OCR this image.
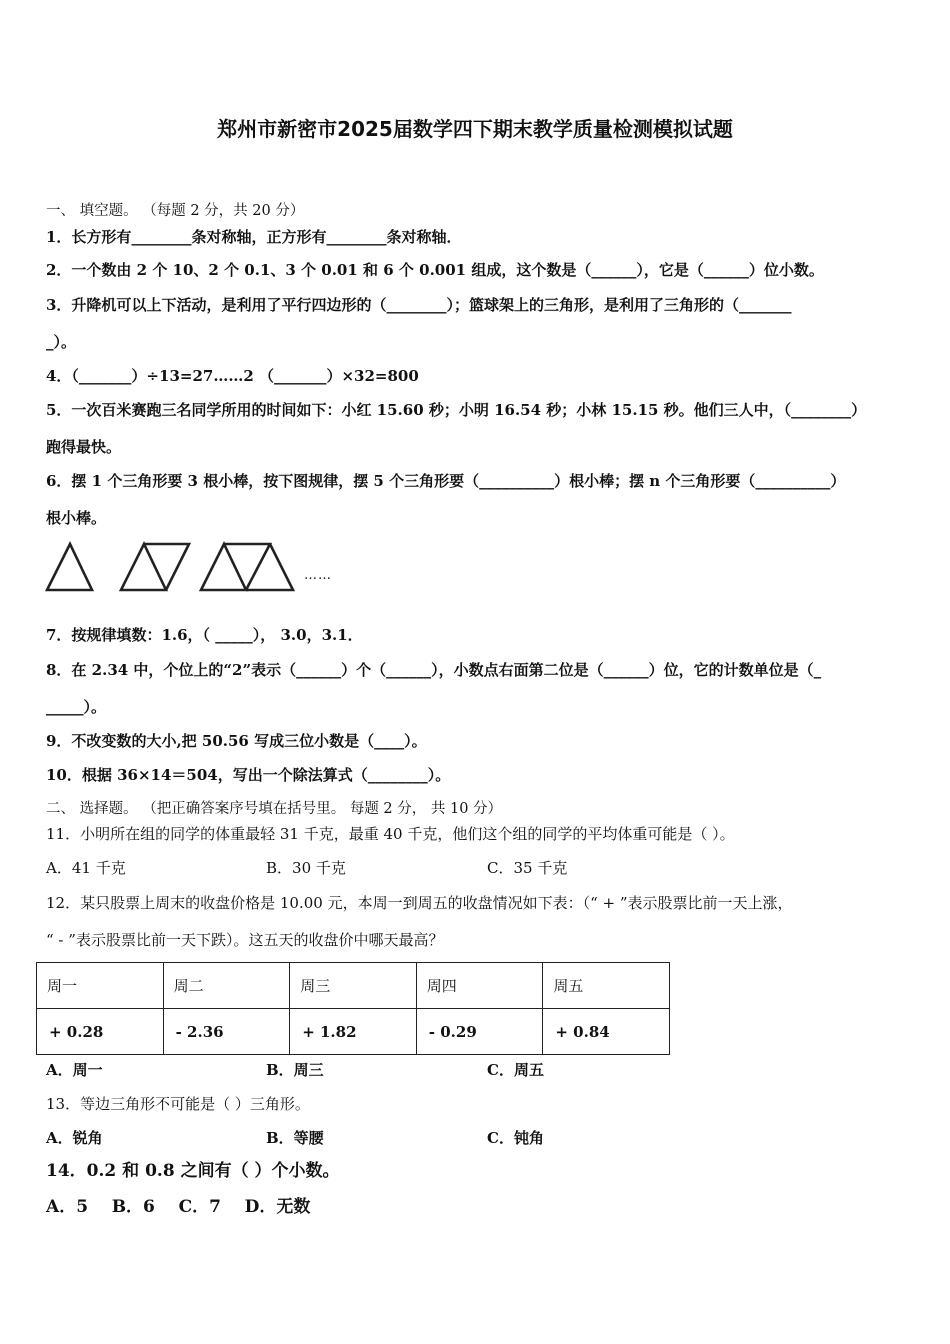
郑州市新密市2025届数学四下期末教学质量检测模拟试题
一、 填空题。 （每题 2 分，共 20 分）
1．长方形有________条对称轴，正方形有________条对称轴．
2．一个数由 2 个 10、2 个 0.1、3 个 0.01 和 6 个 0.001 组成，这个数是（______），它是（______）位小数。
3．升降机可以上下活动，是利用了平行四边形的（________）；篮球架上的三角形，是利用了三角形的（_______
_）。
4．（_______）÷13=27……2 （_______）×32=800
5．一次百米赛跑三名同学所用的时间如下：小红 15.60 秒；小明 16.54 秒；小林 15.15 秒。他们三人中，（________）
跑得最快。
6．摆 1 个三角形要 3 根小棒，按下图规律，摆 5 个三角形要（__________）根小棒；摆 n 个三角形要（__________）
根小棒。
……
7．按规律填数：1.6，（ _____）， 3.0，3.1．
8．在 2.34 中，个位上的“2”表示（______）个（______），小数点右面第二位是（______）位，它的计数单位是（_
_____）。
9．不改变数的大小,把 50.56 写成三位小数是（____）。
10．根据 36×14＝504，写出一个除法算式（________）。
二、 选择题。 （把正确答案序号填在括号里。 每题 2 分， 共 10 分）
11．小明所在组的同学的体重最轻 31 千克，最重 40 千克，他们这个组的同学的平均体重可能是（ ）。
A．41 千克	B．30 千克	C．35 千克
12．某只股票上周末的收盘价格是 10.00 元，本周一到周五的收盘情况如下表：（“ + ”表示股票比前一天上涨，
“ - ”表示股票比前一天下跌）。这五天的收盘价中哪天最高？
周一	周二	周三	周四	周五
+ 0.28	- 2.36	+ 1.82	- 0.29	+ 0.84
A．周一	B．周三	C．周五
13．等边三角形不可能是（ ）三角形。
A．锐角	B．等腰	C．钝角
14．0.2 和 0.8 之间有（ ）个小数。
A．5    B．6    C．7    D．无数
